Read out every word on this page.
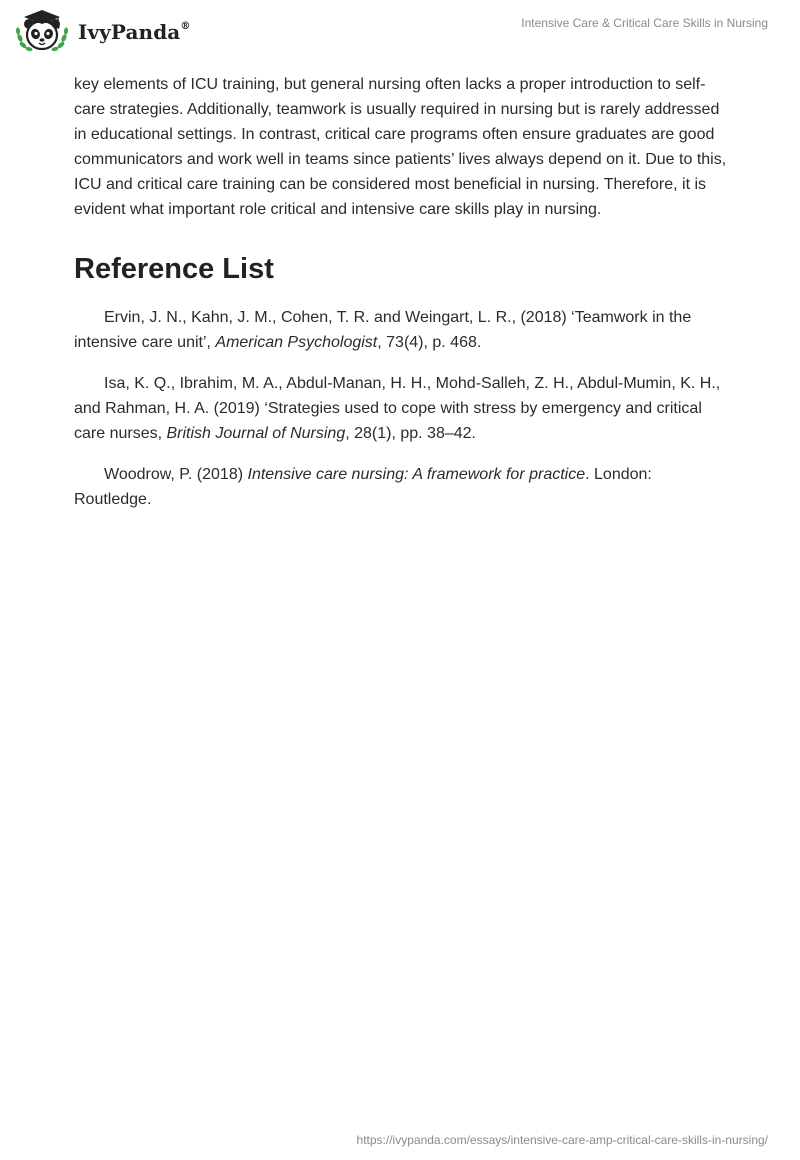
IvyPanda®	Intensive Care & Critical Care Skills in Nursing

key elements of ICU training, but general nursing often lacks a proper introduction to self-care strategies. Additionally, teamwork is usually required in nursing but is rarely addressed in educational settings. In contrast, critical care programs often ensure graduates are good communicators and work well in teams since patients’ lives always depend on it. Due to this, ICU and critical care training can be considered most beneficial in nursing. Therefore, it is evident what important role critical and intensive care skills play in nursing.

Reference List

Ervin, J. N., Kahn, J. M., Cohen, T. R. and Weingart, L. R., (2018) ‘Teamwork in the intensive care unit’, American Psychologist, 73(4), p. 468.

Isa, K. Q., Ibrahim, M. A., Abdul-Manan, H. H., Mohd-Salleh, Z. H., Abdul-Mumin, K. H., and Rahman, H. A. (2019) ‘Strategies used to cope with stress by emergency and critical care nurses, British Journal of Nursing, 28(1), pp. 38–42.

Woodrow, P. (2018) Intensive care nursing: A framework for practice. London: Routledge.

https://ivypanda.com/essays/intensive-care-amp-critical-care-skills-in-nursing/
